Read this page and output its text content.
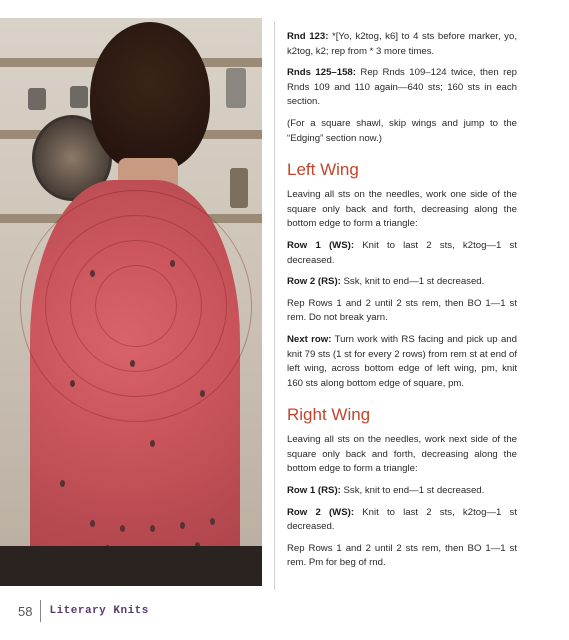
Rnd 123: *[Yo, k2tog, k6] to 4 sts before marker, yo, k2tog, k2; rep from * 3 more times.

Rnds 125–158: Rep Rnds 109–124 twice, then rep Rnds 109 and 110 again—640 sts; 160 sts in each section.

(For a square shawl, skip wings and jump to the “Edging” section now.)

Left Wing

Leaving all sts on the needles, work one side of the square only back and forth, decreasing along the bottom edge to form a triangle:

Row 1 (WS): Knit to last 2 sts, k2tog—1 st decreased.

Row 2 (RS): Ssk, knit to end—1 st decreased.

Rep Rows 1 and 2 until 2 sts rem, then BO 1—1 st rem. Do not break yarn.

Next row: Turn work with RS facing and pick up and knit 79 sts (1 st for every 2 rows) from rem st at end of left wing, across bottom edge of left wing, pm, knit 160 sts along bottom edge of square, pm.

Right Wing

Leaving all sts on the needles, work next side of the square only back and forth, decreasing along the bottom edge to form a triangle:

Row 1 (RS): Ssk, knit to end—1 st decreased.

Row 2 (WS): Knit to last 2 sts, k2tog—1 st decreased.

Rep Rows 1 and 2 until 2 sts rem, then BO 1—1 st rem. Pm for beg of rnd.

58 Literary Knits
